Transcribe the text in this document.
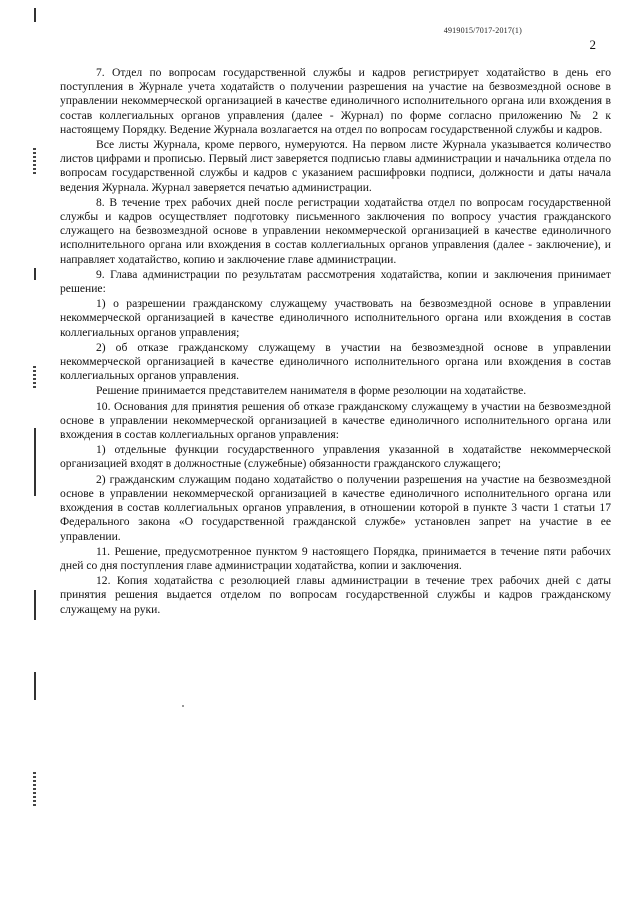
4919015/7017-2017(1)
2

7. Отдел по вопросам государственной службы и кадров регистрирует ходатайство в день его поступления в Журнале учета ходатайств о получении разрешения на участие на безвозмездной основе в управлении некоммерческой организацией в качестве единоличного исполнительного органа или вхождения в состав коллегиальных органов управления (далее - Журнал) по форме согласно приложению № 2 к настоящему Порядку. Ведение Журнала возлагается на отдел по вопросам государственной службы и кадров.

Все листы Журнала, кроме первого, нумеруются. На первом листе Журнала указывается количество листов цифрами и прописью. Первый лист заверяется подписью главы администрации и начальника отдела по вопросам государственной службы и кадров с указанием расшифровки подписи, должности и даты начала ведения Журнала. Журнал заверяется печатью администрации.

8. В течение трех рабочих дней после регистрации ходатайства отдел по вопросам государственной службы и кадров осуществляет подготовку письменного заключения по вопросу участия гражданского служащего на безвозмездной основе в управлении некоммерческой организацией в качестве единоличного исполнительного органа или вхождения в состав коллегиальных органов управления (далее - заключение), и направляет ходатайство, копию и заключение главе администрации.

9. Глава администрации по результатам рассмотрения ходатайства, копии и заключения принимает решение:

1) о разрешении гражданскому служащему участвовать на безвозмездной основе в управлении некоммерческой организацией в качестве единоличного исполнительного органа или вхождения в состав коллегиальных органов управления;

2) об отказе гражданскому служащему в участии на безвозмездной основе в управлении некоммерческой организацией в качестве единоличного исполнительного органа или вхождения в состав коллегиальных органов управления.

Решение принимается представителем нанимателя в форме резолюции на ходатайстве.

10. Основания для принятия решения об отказе гражданскому служащему в участии на безвозмездной основе в управлении некоммерческой организацией в качестве единоличного исполнительного органа или вхождения в состав коллегиальных органов управления:

1) отдельные функции государственного управления указанной в ходатайстве некоммерческой организацией входят в должностные (служебные) обязанности гражданского служащего;

2) гражданским служащим подано ходатайство о получении разрешения на участие на безвозмездной основе в управлении некоммерческой организацией в качестве единоличного исполнительного органа или вхождения в состав коллегиальных органов управления, в отношении которой в пункте 3 части 1 статьи 17 Федерального закона «О государственной гражданской службе» установлен запрет на участие в ее управлении.

11. Решение, предусмотренное пунктом 9 настоящего Порядка, принимается в течение пяти рабочих дней со дня поступления главе администрации ходатайства, копии и заключения.

12. Копия ходатайства с резолюцией главы администрации в течение трех рабочих дней с даты принятия решения выдается отделом по вопросам государственной службы и кадров гражданскому служащему на руки.
